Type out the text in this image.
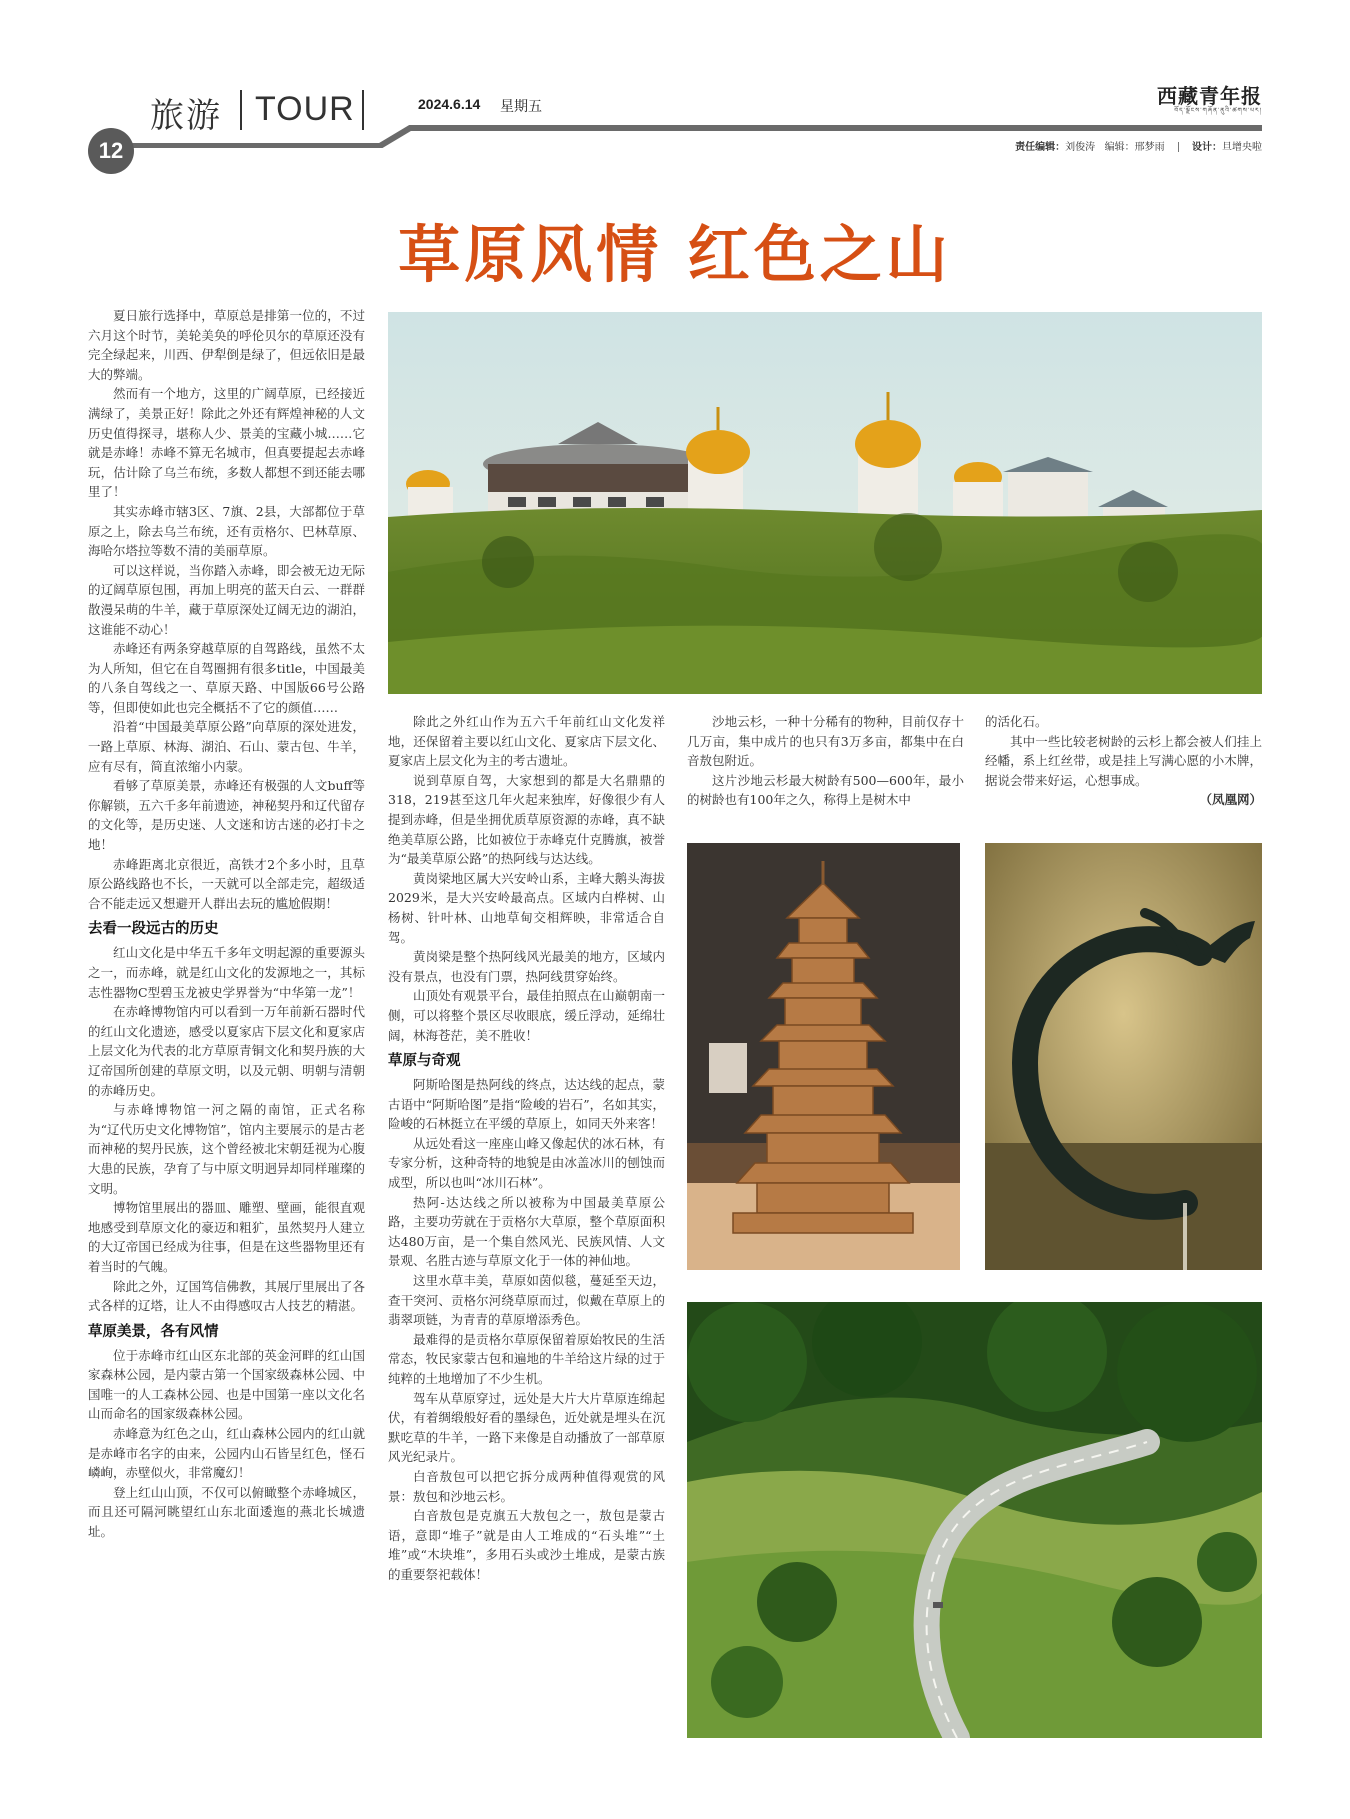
旅游 TOUR	2024.6.14 星期五	西藏青年报
བོད་ལྗོངས་གཞོན་ནུའི་ཚགས་པར།
12	责任编辑：刘俊涛 编辑：邢梦雨	设计：旦增央啦
草原风情 红色之山

夏日旅行选择中，草原总是排第一位的，不过六月这个时节，美轮美奂的呼伦贝尔的草原还没有完全绿起来，川西、伊犁倒是绿了，但远依旧是最大的弊端。

然而有一个地方，这里的广阔草原，已经接近满绿了，美景正好！除此之外还有辉煌神秘的人文历史值得探寻，堪称人少、景美的宝藏小城……它就是赤峰！赤峰不算无名城市，但真要提起去赤峰玩，估计除了乌兰布统，多数人都想不到还能去哪里了！

其实赤峰市辖3区、7旗、2县，大部都位于草原之上，除去乌兰布统，还有贡格尔、巴林草原、海哈尔塔拉等数不清的美丽草原。

可以这样说，当你踏入赤峰，即会被无边无际的辽阔草原包围，再加上明亮的蓝天白云、一群群散漫呆萌的牛羊，藏于草原深处辽阔无边的湖泊，这谁能不动心！

赤峰还有两条穿越草原的自驾路线，虽然不太为人所知，但它在自驾圈拥有很多title，中国最美的八条自驾线之一、草原天路、中国版66号公路等，但即使如此也完全概括不了它的颜值……

沿着“中国最美草原公路”向草原的深处进发，一路上草原、林海、湖泊、石山、蒙古包、牛羊，应有尽有，简直浓缩小内蒙。

看够了草原美景，赤峰还有极强的人文buff等你解锁，五六千多年前遗迹，神秘契丹和辽代留存的文化等，是历史迷、人文迷和访古迷的必打卡之地！

赤峰距离北京很近，高铁才2个多小时，且草原公路线路也不长，一天就可以全部走完，超级适合不能走远又想避开人群出去玩的尴尬假期！

去看一段远古的历史

红山文化是中华五千多年文明起源的重要源头之一，而赤峰，就是红山文化的发源地之一，其标志性器物C型碧玉龙被史学界誉为“中华第一龙”！

在赤峰博物馆内可以看到一万年前新石器时代的红山文化遗迹，感受以夏家店下层文化和夏家店上层文化为代表的北方草原青铜文化和契丹族的大辽帝国所创建的草原文明，以及元朝、明朝与清朝的赤峰历史。

与赤峰博物馆一河之隔的南馆，正式名称为“辽代历史文化博物馆”，馆内主要展示的是古老而神秘的契丹民族，这个曾经被北宋朝廷视为心腹大患的民族，孕育了与中原文明迥异却同样璀璨的文明。

博物馆里展出的器皿、雕塑、壁画，能很直观地感受到草原文化的豪迈和粗犷，虽然契丹人建立的大辽帝国已经成为往事，但是在这些器物里还有着当时的气魄。

除此之外，辽国笃信佛教，其展厅里展出了各式各样的辽塔，让人不由得感叹古人技艺的精湛。

草原美景，各有风情

位于赤峰市红山区东北部的英金河畔的红山国家森林公园，是内蒙古第一个国家级森林公园、中国唯一的人工森林公园、也是中国第一座以文化名山而命名的国家级森林公园。

赤峰意为红色之山，红山森林公园内的红山就是赤峰市名字的由来，公园内山石皆呈红色，怪石嶙峋，赤壁似火，非常魔幻！

登上红山山顶，不仅可以俯瞰整个赤峰城区，而且还可隔河眺望红山东北面逶迤的燕北长城遗址。

除此之外红山作为五六千年前红山文化发祥地，还保留着主要以红山文化、夏家店下层文化、夏家店上层文化为主的考古遗址。

说到草原自驾，大家想到的都是大名鼎鼎的318，219甚至这几年火起来独库，好像很少有人提到赤峰，但是坐拥优质草原资源的赤峰，真不缺绝美草原公路，比如被位于赤峰克什克腾旗，被誉为“最美草原公路”的热阿线与达达线。

黄岗梁地区属大兴安岭山系，主峰大鹅头海拔2029米，是大兴安岭最高点。区域内白桦树、山杨树、针叶林、山地草甸交相辉映，非常适合自驾。

黄岗梁是整个热阿线风光最美的地方，区域内没有景点，也没有门票，热阿线贯穿始终。

山顶处有观景平台，最佳拍照点在山巅朝南一侧，可以将整个景区尽收眼底，缓丘浮动，延绵壮阔，林海苍茫，美不胜收！

草原与奇观

阿斯哈图是热阿线的终点，达达线的起点，蒙古语中“阿斯哈图”是指“险峻的岩石”，名如其实，险峻的石林挺立在平缓的草原上，如同天外来客！

从远处看这一座座山峰又像起伏的冰石林，有专家分析，这种奇特的地貌是由冰盖冰川的刨蚀而成型，所以也叫“冰川石林”。

热阿-达达线之所以被称为中国最美草原公路，主要功劳就在于贡格尔大草原，整个草原面积达480万亩，是一个集自然风光、民族风情、人文景观、名胜古迹与草原文化于一体的神仙地。

这里水草丰美，草原如茵似毯，蔓延至天边，查干突河、贡格尔河绕草原而过，似戴在草原上的翡翠项链，为青青的草原增添秀色。

最难得的是贡格尔草原保留着原始牧民的生活常态，牧民家蒙古包和遍地的牛羊给这片绿的过于纯粹的土地增加了不少生机。

驾车从草原穿过，远处是大片大片草原连绵起伏，有着绸缎般好看的墨绿色，近处就是埋头在沉默吃草的牛羊，一路下来像是自动播放了一部草原风光纪录片。

白音敖包可以把它拆分成两种值得观赏的风景：敖包和沙地云杉。

白音敖包是克旗五大敖包之一，敖包是蒙古语，意即“堆子”就是由人工堆成的“石头堆”“土堆”或“木块堆”，多用石头或沙土堆成，是蒙古族的重要祭祀载体！

沙地云杉，一种十分稀有的物种，目前仅存十几万亩，集中成片的也只有3万多亩，都集中在白音敖包附近。

这片沙地云杉最大树龄有500—600年，最小的树龄也有100年之久，称得上是树木中

的活化石。

其中一些比较老树龄的云杉上都会被人们挂上经幡，系上红丝带，或是挂上写满心愿的小木牌，据说会带来好运，心想事成。

（凤凰网）
